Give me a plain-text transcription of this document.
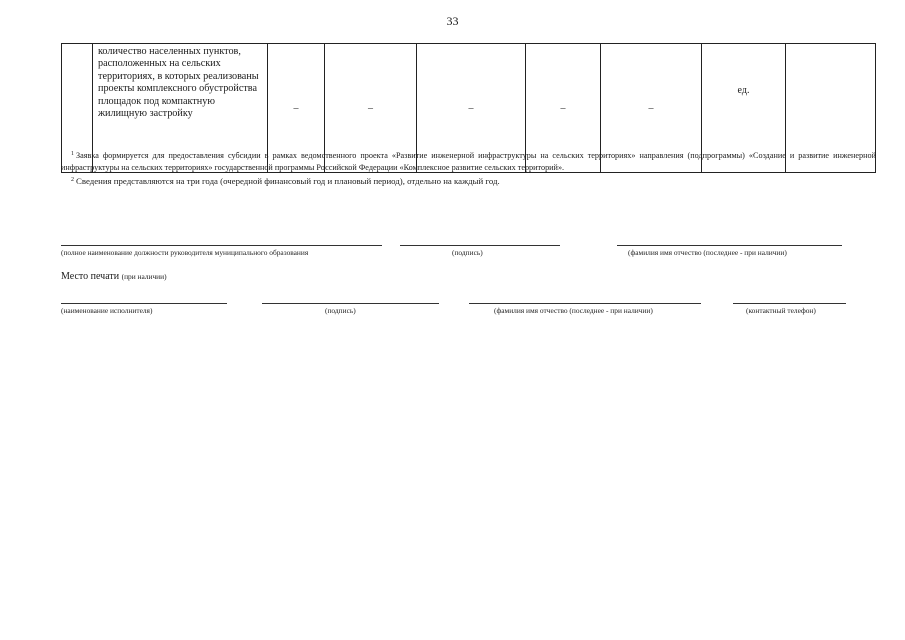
33
	количество населенных пунктов, расположенных на сельских территориях, в которых реализованы проекты комплексного обустройства площадок под компактную жилищную застройку	–	–	–	–	–	ед.	

$^1$ Заявка формируется для предоставления субсидии в рамках ведомственного проекта «Развитие инженерной инфраструктуры на сельских территориях» направления (подпрограммы) «Создание и развитие инженерной инфраструктуры на сельских территориях» государственной программы Российской Федерации «Комплексное развитие сельских территорий».

$^2$ Сведения представляются на три года (очередной финансовый год и плановый период), отдельно на каждый год.

(полное наименование должности руководителя муниципального образования	(подпись)	(фамилия имя отчество (последнее - при наличии)
Место печати (при наличии)
(наименование исполнителя)	(подпись)	(фамилия имя отчество (последнее - при наличии)	(контактный телефон)
